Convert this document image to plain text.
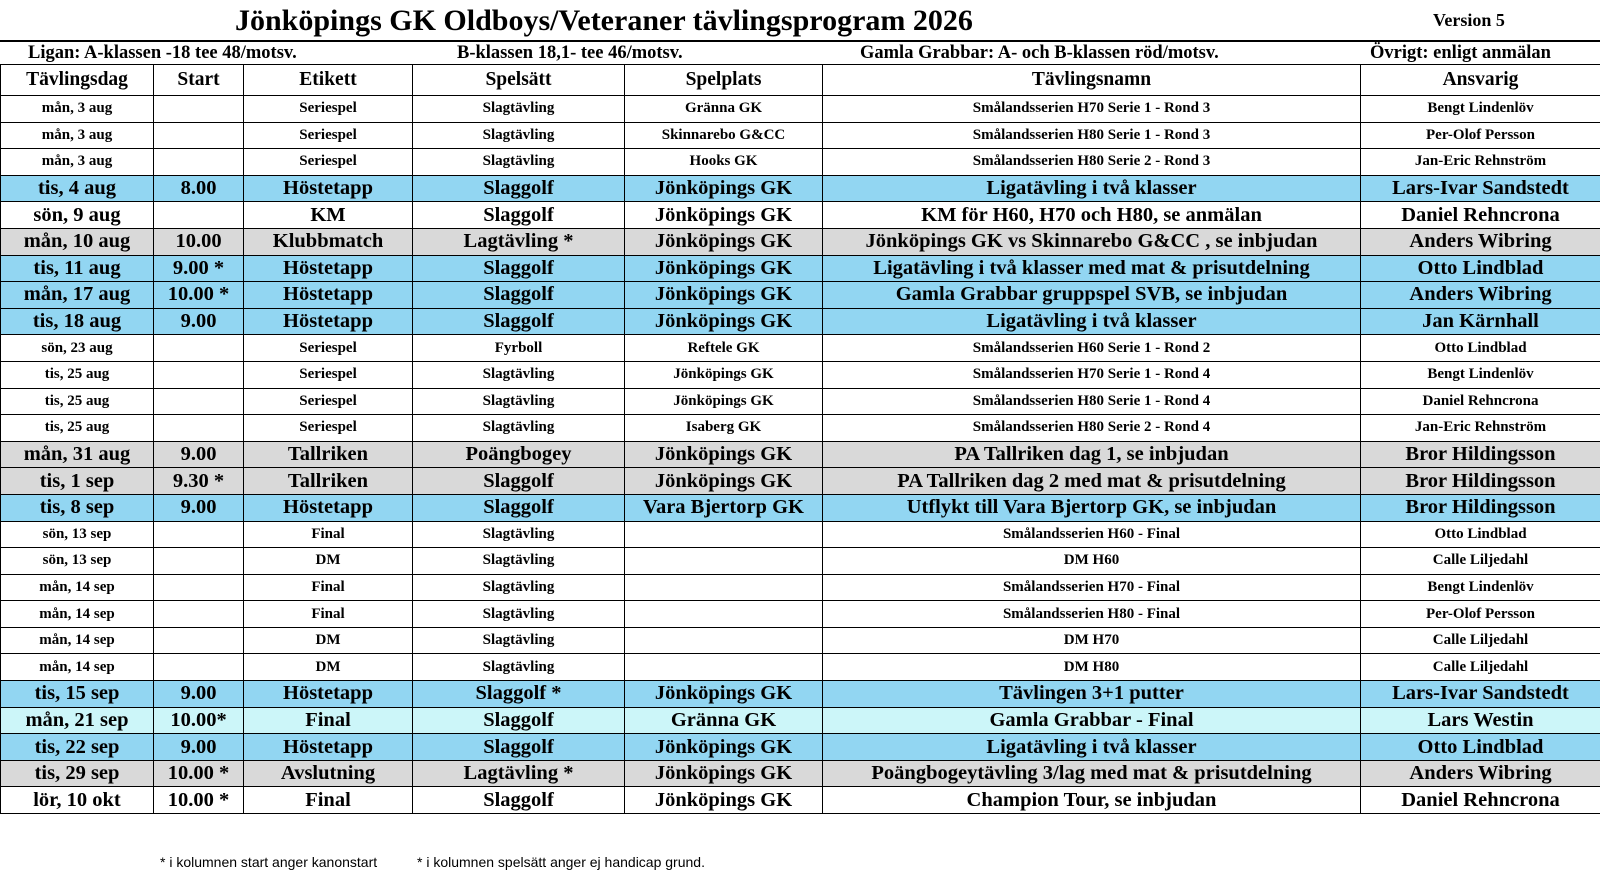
Jönköpings GK Oldboys/Veteraner tävlingsprogram 2026	Version 5
Ligan: A-klassen -18 tee 48/motsv.	B-klassen 18,1- tee 46/motsv.	Gamla Grabbar: A- och B-klassen röd/motsv.	Övrigt: enligt anmälan
Tävlingsdag	Start	Etikett	Spelsätt	Spelplats	Tävlingsnamn	Ansvarig
mån, 3 aug		Seriespel	Slagtävling	Gränna GK	Smålandsserien H70 Serie 1 - Rond 3	Bengt Lindenlöv
mån, 3 aug		Seriespel	Slagtävling	Skinnarebo G&CC	Smålandsserien H80 Serie 1 - Rond 3	Per-Olof Persson
mån, 3 aug		Seriespel	Slagtävling	Hooks GK	Smålandsserien H80 Serie 2 - Rond 3	Jan-Eric Rehnström
tis, 4 aug	8.00	Höstetapp	Slaggolf	Jönköpings GK	Ligatävling i två klasser	Lars-Ivar Sandstedt
sön, 9 aug		KM	Slaggolf	Jönköpings GK	KM för H60, H70 och H80, se anmälan	Daniel Rehncrona
mån, 10 aug	10.00	Klubbmatch	Lagtävling *	Jönköpings GK	Jönköpings GK vs Skinnarebo G&CC , se inbjudan	Anders Wibring
tis, 11 aug	9.00 *	Höstetapp	Slaggolf	Jönköpings GK	Ligatävling i två klasser med mat & prisutdelning	Otto Lindblad
mån, 17 aug	10.00 *	Höstetapp	Slaggolf	Jönköpings GK	Gamla Grabbar gruppspel SVB, se inbjudan	Anders Wibring
tis, 18 aug	9.00	Höstetapp	Slaggolf	Jönköpings GK	Ligatävling i två klasser	Jan Kärnhall
sön, 23 aug		Seriespel	Fyrboll	Reftele GK	Smålandsserien H60 Serie 1 - Rond 2	Otto Lindblad
tis, 25 aug		Seriespel	Slagtävling	Jönköpings GK	Smålandsserien H70 Serie 1 - Rond 4	Bengt Lindenlöv
tis, 25 aug		Seriespel	Slagtävling	Jönköpings GK	Smålandsserien H80 Serie 1 - Rond 4	Daniel Rehncrona
tis, 25 aug		Seriespel	Slagtävling	Isaberg GK	Smålandsserien H80 Serie 2 - Rond 4	Jan-Eric Rehnström
mån, 31 aug	9.00	Tallriken	Poängbogey	Jönköpings GK	PA Tallriken dag 1, se inbjudan	Bror Hildingsson
tis, 1 sep	9.30 *	Tallriken	Slaggolf	Jönköpings GK	PA Tallriken dag 2 med mat & prisutdelning	Bror Hildingsson
tis, 8 sep	9.00	Höstetapp	Slaggolf	Vara Bjertorp GK	Utflykt till Vara Bjertorp GK, se inbjudan	Bror Hildingsson
sön, 13 sep		Final	Slagtävling		Smålandsserien H60 - Final	Otto Lindblad
sön, 13 sep		DM	Slagtävling		DM H60	Calle Liljedahl
mån, 14 sep		Final	Slagtävling		Smålandsserien H70 - Final	Bengt Lindenlöv
mån, 14 sep		Final	Slagtävling		Smålandsserien H80 - Final	Per-Olof Persson
mån, 14 sep		DM	Slagtävling		DM H70	Calle Liljedahl
mån, 14 sep		DM	Slagtävling		DM H80	Calle Liljedahl
tis, 15 sep	9.00	Höstetapp	Slaggolf *	Jönköpings GK	Tävlingen 3+1 putter	Lars-Ivar Sandstedt
mån, 21 sep	10.00*	Final	Slaggolf	Gränna GK	Gamla Grabbar - Final	Lars Westin
tis, 22 sep	9.00	Höstetapp	Slaggolf	Jönköpings GK	Ligatävling i två klasser	Otto Lindblad
tis, 29 sep	10.00 *	Avslutning	Lagtävling *	Jönköpings GK	Poängbogeytävling 3/lag med mat & prisutdelning	Anders Wibring
lör, 10 okt	10.00 *	Final	Slaggolf	Jönköpings GK	Champion Tour, se inbjudan	Daniel Rehncrona
* i kolumnen start anger kanonstart	* i kolumnen spelsätt anger ej handicap grund.
